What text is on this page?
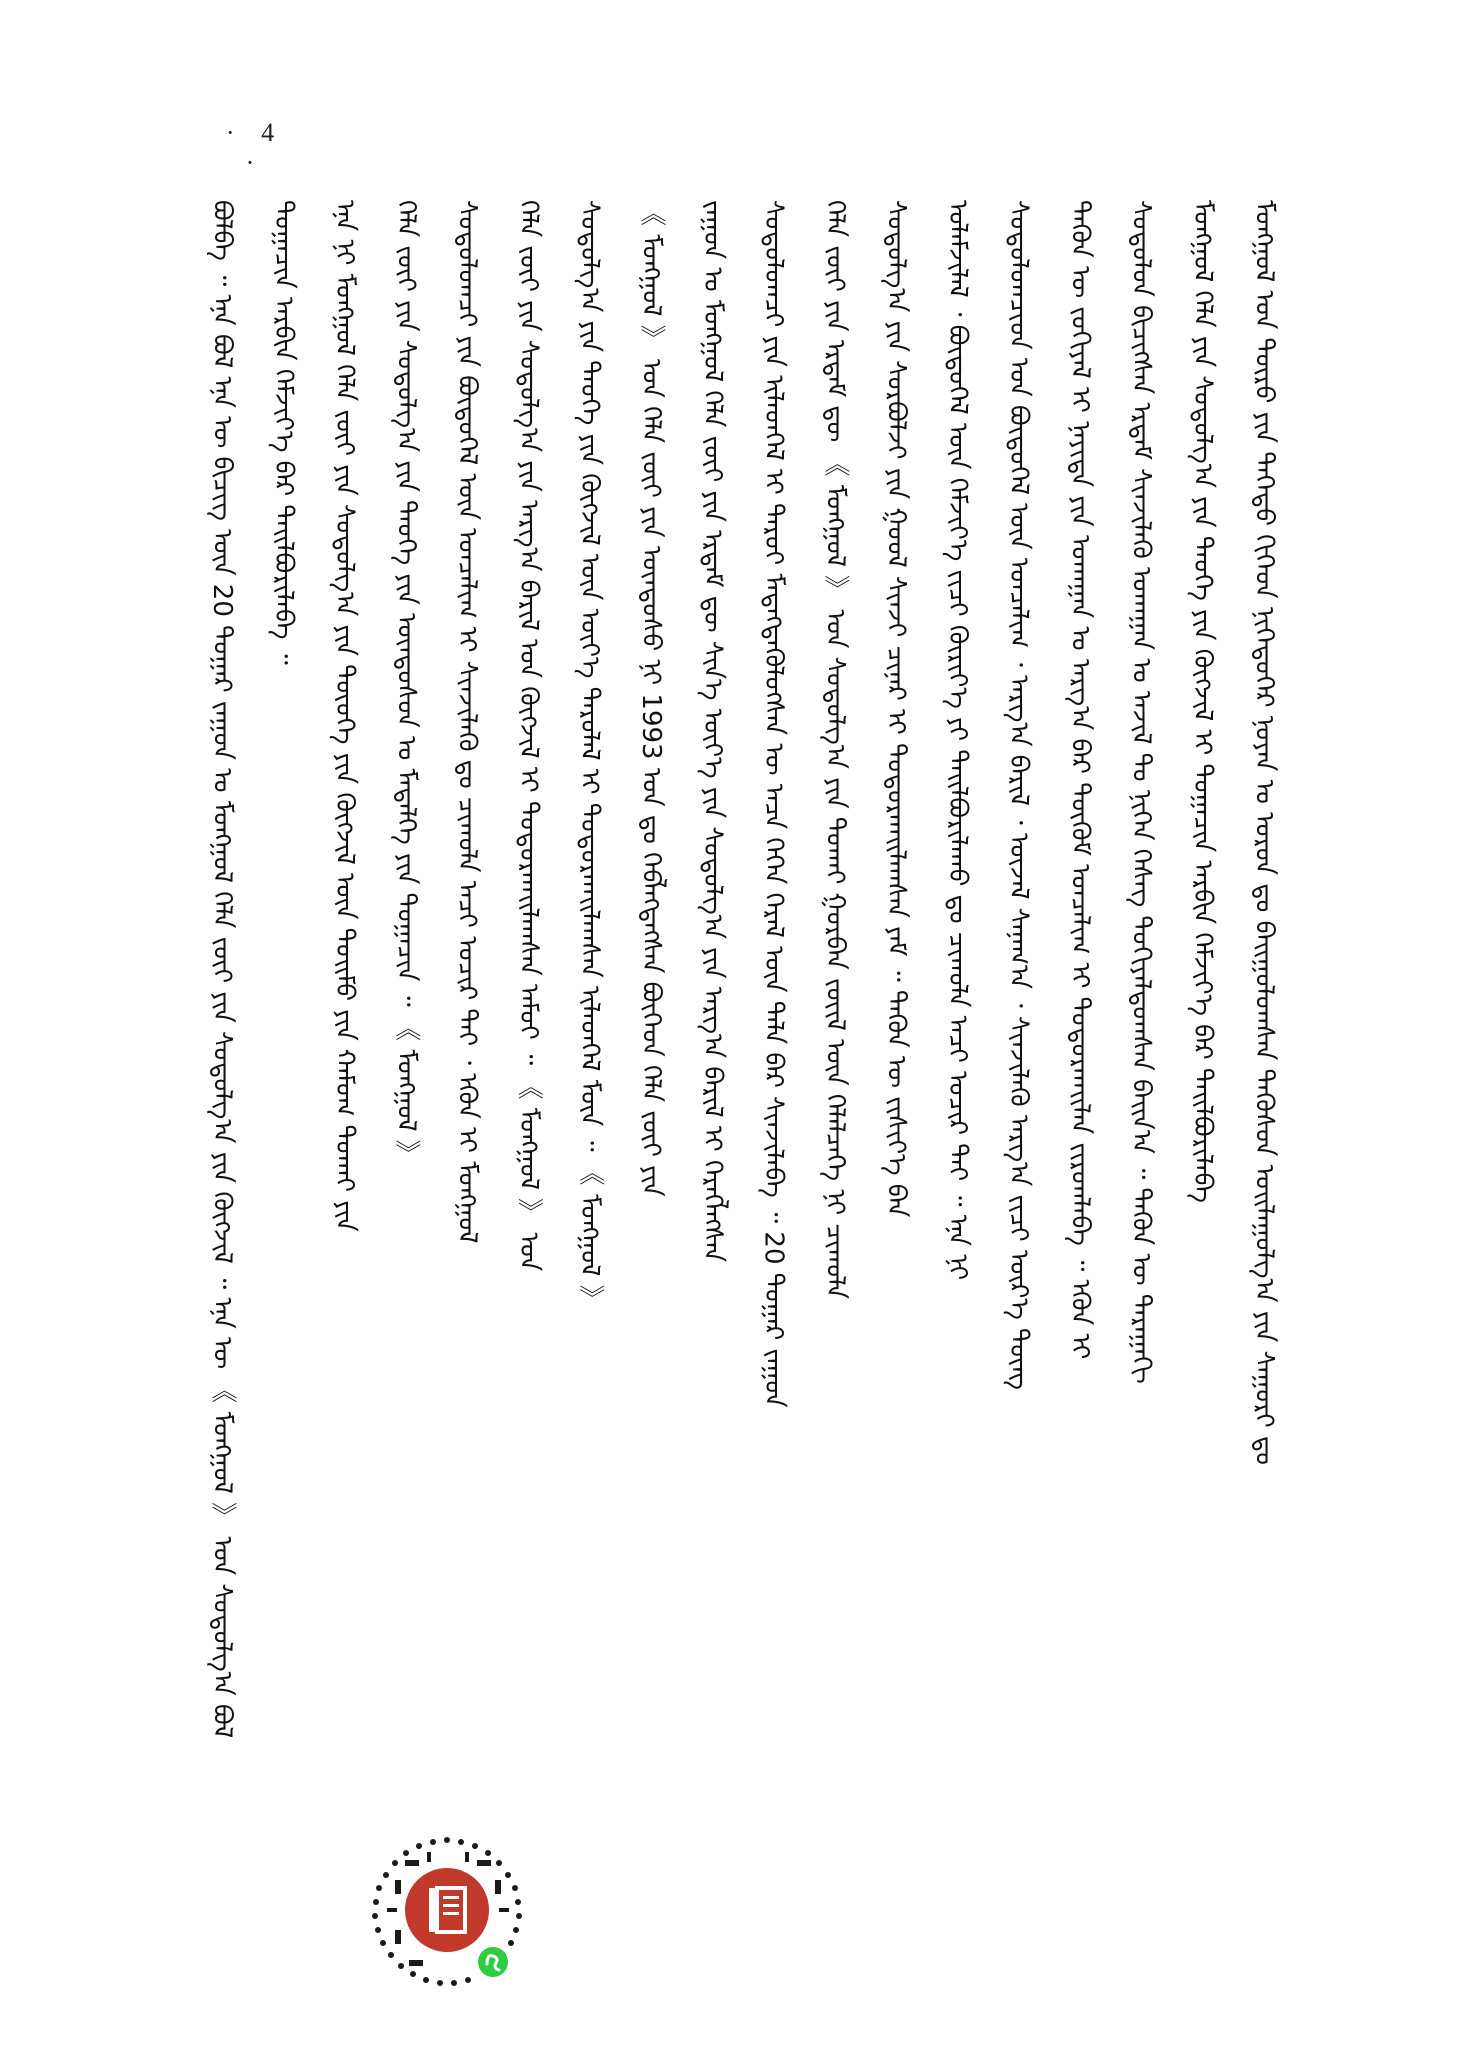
· 4 ·
ᠮᠣᠩᠭᠣᠯ ᠤᠨ ᠲᠦᠷᠦ ᠶᠢᠨ ᠳᠡᠭᠡᠳᠦ ᠬᠢᠭᠡᠳ ᠨᠢᠭᠡᠳᠦᠭᠡᠷ ᠨᠣᠶᠠᠨ ᠤ ᠣᠷᠣᠨ ᠳᠤ ᠪᠠᠢᠭᠤᠯᠤᠭᠰᠠᠨ ᠲᠡᠭᠦᠰᠦᠨ ᠣᠢᠯᠠᠭᠤᠯᠭ᠎ᠠ ᠶᠢᠨ ᠰᠠᠭᠤᠷᠢ ᠳᠤ
ᠮᠣᠩᠭᠣᠯ ᠬᠡᠯᠡ ᠶᠢᠨ ᠰᠤᠳᠤᠯᠭ᠎ᠠ ᠶᠢᠨ ᠲᠡᠦᠬᠡ ᠶᠢᠨ ᠬᠥᠭᠵᠢᠯ ᠢ ᠲᠣᠭᠠᠴᠢᠨ ᠠᠷᠪᠢᠨ ᠬᠡᠮᠵᠢᠶ᠎ᠡ ᠪᠡᠷ ᠲᠠᠢᠯᠪᠤᠷᠢᠯᠠᠪᠠ
ᠰᠤᠳᠤᠯᠤᠨ ᠪᠢᠴᠢᠭᠰᠡᠨ ᠡᠷᠳᠡᠮ ᠰᠢᠨᠵᠢᠯᠡᠬᠦ ᠤᠬᠠᠭᠠᠨ ᠤ ᠠᠵᠢᠯ ᠲᠤ ᠨᠢᠭᠡᠨ ᠬᠡᠰᠡᠭ ᠲᠣᠬᠢᠶᠠᠯᠳᠤᠭᠰᠠᠨ ᠪᠠᠢᠨ᠎ᠠ ᠃ ᠲᠡᠭᠦᠨ ᠦ ᠳᠠᠷᠠᠭᠠᠬᠢ
ᠲᠡᠭᠦᠨ ᠦ ᠵᠣᠬᠢᠶᠠᠯ ᠢ ᠨᠡᠶᠢᠲᠡ ᠶᠢᠨ ᠤᠬᠠᠭᠠᠨ ᠤ ᠠᠷᠭ᠎ᠠ ᠪᠠᠷ ᠳᠦᠭᠦᠮ ᠣᠨᠴᠠᠯᠢᠭ ᠢ ᠲᠣᠳᠤᠷᠬᠠᠢᠯᠠᠨ ᠵᠢᠷᠤᠭᠯᠠᠪᠠ ᠃ ᠡᠭᠦᠨ ᠢ
ᠰᠤᠳᠤᠯᠤᠭᠴᠢᠳ ᠤᠨ ᠪᠦᠲᠦᠭᠡᠯ ᠦᠨ ᠣᠨᠴᠠᠯᠢᠭ ᠂ ᠠᠷᠭ᠎ᠠ ᠪᠠᠷᠢᠯ ᠂ ᠦᠵᠡᠯ ᠰᠠᠨᠠᠭ᠎ᠠ ᠂ ᠰᠢᠨᠵᠢᠯᠡᠬᠦ ᠠᠷᠭ᠎ᠠ ᠵᠢᠴᠢ ᠦᠷ᠎ᠡ ᠳᠦᠩ
ᠤᠯᠠᠮᠵᠢᠯᠠᠯ ᠂ ᠪᠦᠲᠦᠭᠡᠯ ᠦᠨ ᠬᠡᠮᠵᠢᠶ᠎ᠡ ᠵᠢᠴᠢ ᠬᠦᠷᠢᠶ᠎ᠡ ᠶᠢ ᠲᠠᠢᠯᠪᠤᠷᠢᠯᠠᠬᠤ ᠳᠤ ᠴᠢᠬᠤᠯᠠ ᠠᠴᠢ ᠤᠴᠢᠷ ᠲᠠᠢ ᠃ ᠡᠨᠡ ᠨᠢ
ᠰᠤᠳᠤᠯᠭ᠎ᠠ ᠶᠢᠨ ᠰᠤᠷᠪᠤᠯᠵᠢ ᠶᠢᠨ ᠭᠣᠣᠯ ᠰᠢᠨᠵᠢ ᠴᠢᠨᠠᠷ ᠢ ᠲᠣᠳᠤᠷᠬᠠᠢᠯᠠᠭᠰᠠᠨ ᠶᠠᠮ ᠃ ᠲᠡᠭᠦᠨ ᠦ ᠵᠢᠱᠢᠶ᠎ᠡ ᠪᠡᠨ
ᠬᠡᠯᠡ ᠵᠦᠢ ᠶᠢᠨ ᠡᠷᠳᠡᠮ ᠳᠦ 《 ᠮᠣᠩᠭᠣᠯ 》 ᠤᠨ ᠰᠤᠳᠤᠯᠭ᠎ᠠ ᠶᠢᠨ ᠲᠤᠬᠠᠢ ᠭᠤᠷᠪᠠᠨ ᠵᠦᠢᠯ ᠦᠨ ᠬᠡᠯᠡᠯᠴᠡᠭᠡ ᠨᠢ ᠴᠢᠬᠤᠯᠠ
ᠰᠤᠳᠤᠯᠤᠭᠴᠢ ᠶᠢᠨ ᠢᠯᠡᠳᠬᠡᠯ ᠢ ᠳᠠᠷᠤᠢ ᠮᠡᠳᠡᠭᠳᠡᠭᠦᠯᠦᠭᠰᠡᠨ ᠦ ᠠᠴᠠ ᠭᠡᠭᠡᠨ ᠭᠡᠷᠡᠯ ᠦᠨ ᠲᠠᠯᠠ ᠪᠠᠷ ᠰᠢᠨᠵᠢᠯᠡᠪᠡ ᠃ 20 ᠳᠤᠭᠠᠷ ᠵᠠᠭᠤᠨ
ᠵᠠᠭᠤᠨ ᠤ ᠮᠣᠩᠭᠣᠯ ᠬᠡᠯᠡ ᠵᠦᠢ ᠶᠢᠨ ᠡᠷᠳᠡᠮ ᠳᠦ ᠰᠢᠨ᠎ᠡ ᠦᠶ᠎ᠡ ᠶᠢᠨ ᠰᠤᠳᠤᠯᠭ᠎ᠠ ᠶᠢᠨ ᠠᠷᠭ᠎ᠠ ᠪᠠᠷᠢᠯ ᠢ ᠬᠡᠷᠡᠭᠯᠡᠭᠰᠡᠨ
《 ᠮᠣᠩᠭᠣᠯ 》 ᠤᠨ ᠬᠡᠯᠡ ᠵᠦᠢ ᠶᠢᠨ ᠦᠨᠳᠦᠰᠦ ᠨᠢ 1993 ᠣᠨ ᠳᠤ ᠬᠡᠪᠯᠡᠭᠳᠡᠭᠰᠡᠨ ᠪᠥᠭᠡᠳ ᠬᠡᠯᠡ ᠵᠦᠢ ᠶᠢᠨ
ᠰᠤᠳᠤᠯᠭ᠎ᠠ ᠶᠢᠨ ᠲᠡᠦᠬᠡ ᠶᠢᠨ ᠬᠥᠭᠵᠢᠯ ᠦᠨ ᠦᠶ᠎ᠡ ᠳᠠᠷᠤᠯᠠᠯ ᠢ ᠲᠣᠳᠤᠷᠬᠠᠢᠯᠠᠭᠰᠠᠨ ᠢᠯᠡᠳᠬᠡᠯ ᠮᠥᠨ ᠃ 《 ᠮᠣᠩᠭᠣᠯ 》
ᠬᠡᠯᠡ ᠵᠦᠢ ᠶᠢᠨ ᠰᠤᠳᠤᠯᠭ᠎ᠠ ᠶᠢᠨ ᠠᠷᠭ᠎ᠠ ᠪᠠᠷᠢᠯ ᠤᠨ ᠬᠥᠭᠵᠢᠯ ᠢ ᠲᠣᠳᠤᠷᠬᠠᠢᠯᠠᠭᠰᠠᠨ ᠠᠮᠤᠢ ᠃ 《 ᠮᠣᠩᠭᠣᠯ 》 ᠤᠨ
ᠰᠤᠳᠤᠯᠤᠭᠴᠢ ᠶᠢᠨ ᠪᠦᠲᠦᠭᠡᠯ ᠦᠨ ᠣᠨᠴᠠᠯᠢᠭ ᠢ ᠰᠢᠨᠵᠢᠯᠡᠬᠦ ᠳᠤ ᠴᠢᠬᠤᠯᠠ ᠠᠴᠢ ᠤᠴᠢᠷ ᠲᠠᠢ ᠂ ᠡᠭᠦᠨ ᠢ ᠮᠣᠩᠭᠣᠯ
ᠬᠡᠯᠡ ᠵᠦᠢ ᠶᠢᠨ ᠰᠤᠳᠤᠯᠭ᠎ᠠ ᠶᠢᠨ ᠲᠡᠦᠬᠡ ᠶᠢᠨ ᠦᠨᠳᠦᠰᠦᠨ ᠤ ᠮᠡᠳᠡᠯᠭᠡ ᠶᠢᠨ ᠲᠣᠭᠠᠴᠢᠨ ᠃ 《 ᠮᠣᠩᠭᠣᠯ 》
ᠡᠨᠡ ᠨᠢ ᠮᠣᠩᠭᠣᠯ ᠬᠡᠯᠡ ᠵᠦᠢ ᠶᠢᠨ ᠰᠤᠳᠤᠯᠭ᠎ᠠ ᠶᠢᠨ ᠲᠦᠦᠬᠡ ᠶᠢᠨ ᠬᠥᠭᠵᠢᠯ ᠦᠨ ᠲᠣᠢᠮᠤ ᠶᠢᠨ ᠬᠠᠮᠤᠭ ᠲᠤᠬᠠᠢ ᠶᠢᠨ
ᠲᠣᠭᠠᠴᠢᠨ ᠠᠷᠪᠢᠨ ᠬᠡᠮᠵᠢᠶ᠎ᠡ ᠪᠡᠷ ᠲᠠᠢᠯᠪᠤᠷᠢᠯᠠᠪᠠ ᠃
ᠪᠣᠯᠪᠠ ᠃ ᠡᠨᠡ ᠪᠣᠯ ᠡᠨᠡ ᠦ ᠪᠢᠴᠢᠭ ᠦᠨ 20 ᠳᠤᠭᠠᠷ ᠵᠠᠭᠤᠨ ᠤ ᠮᠣᠩᠭᠣᠯ ᠬᠡᠯᠡ ᠵᠦᠢ ᠶᠢᠨ ᠰᠤᠳᠤᠯᠭ᠎ᠠ ᠶᠢᠨ ᠬᠥᠭᠵᠢᠯ ᠃ ᠡᠨᠡ ᠦ 《 ᠮᠣᠩᠭᠣᠯ 》 ᠤᠨ ᠰᠤᠳᠤᠯᠭ᠎ᠠ ᠪᠣᠯ
